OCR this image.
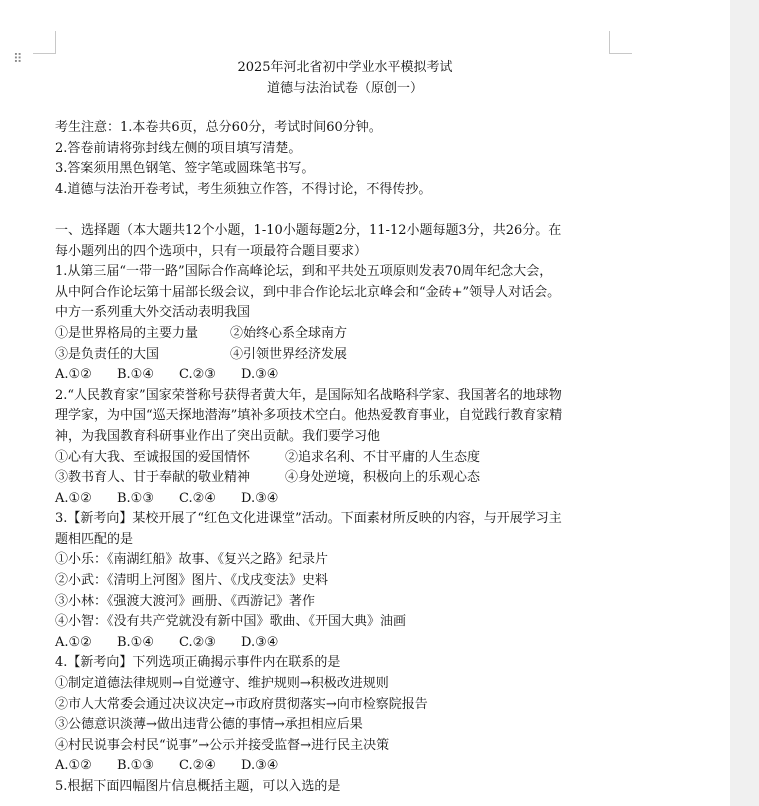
⠿
2025年河北省初中学业水平模拟考试
道德与法治试卷（原创一）
考生注意：1.本卷共6页，总分60分，考试时间60分钟。
2.答卷前请将弥封线左侧的项目填写清楚。
3.答案须用黑色钢笔、签字笔或圆珠笔书写。
4.道德与法治开卷考试，考生须独立作答，不得讨论，不得传抄。
一、选择题（本大题共12个小题，1-10小题每题2分，11-12小题每题3分，共26分。在
每小题列出的四个选项中，只有一项最符合题目要求）
1.从第三届“一带一路”国际合作高峰论坛，到和平共处五项原则发表70周年纪念大会，
从中阿合作论坛第十届部长级会议，到中非合作论坛北京峰会和“金砖+”领导人对话会。
中方一系列重大外交活动表明我国
①是世界格局的主要力量 ②始终心系全球南方
③是负责任的大国	④引领世界经济发展
A.①② B.①④ C.②③ D.③④
2.“人民教育家”国家荣誉称号获得者黄大年，是国际知名战略科学家、我国著名的地球物
理学家，为中国“巡天探地潜海”填补多项技术空白。他热爱教育事业，自觉践行教育家精
神，为我国教育科研事业作出了突出贡献。我们要学习他
①心有大我、至诚报国的爱国情怀	②追求名利、不甘平庸的人生态度
③教书育人、甘于奉献的敬业精神	④身处逆境，积极向上的乐观心态
A.①② B.①③ C.②④ D.③④
3.【新考向】某校开展了“红色文化进课堂”活动。下面素材所反映的内容，与开展学习主
题相匹配的是
①小乐：《南湖红船》故事、《复兴之路》纪录片
②小武：《清明上河图》图片、《戊戌变法》史料
③小林：《强渡大渡河》画册、《西游记》著作
④小智：《没有共产党就没有新中国》歌曲、《开国大典》油画
A.①② B.①④ C.②③ D.③④
4.【新考向】下列选项正确揭示事件内在联系的是
①制定道德法律规则→自觉遵守、维护规则→积极改进规则
②市人大常委会通过决议决定→市政府贯彻落实→向市检察院报告
③公德意识淡薄→做出违背公德的事情→承担相应后果
④村民说事会村民“说事”→公示并接受监督→进行民主决策
A.①② B.①③ C.②④ D.③④
5.根据下面四幅图片信息概括主题，可以入选的是
